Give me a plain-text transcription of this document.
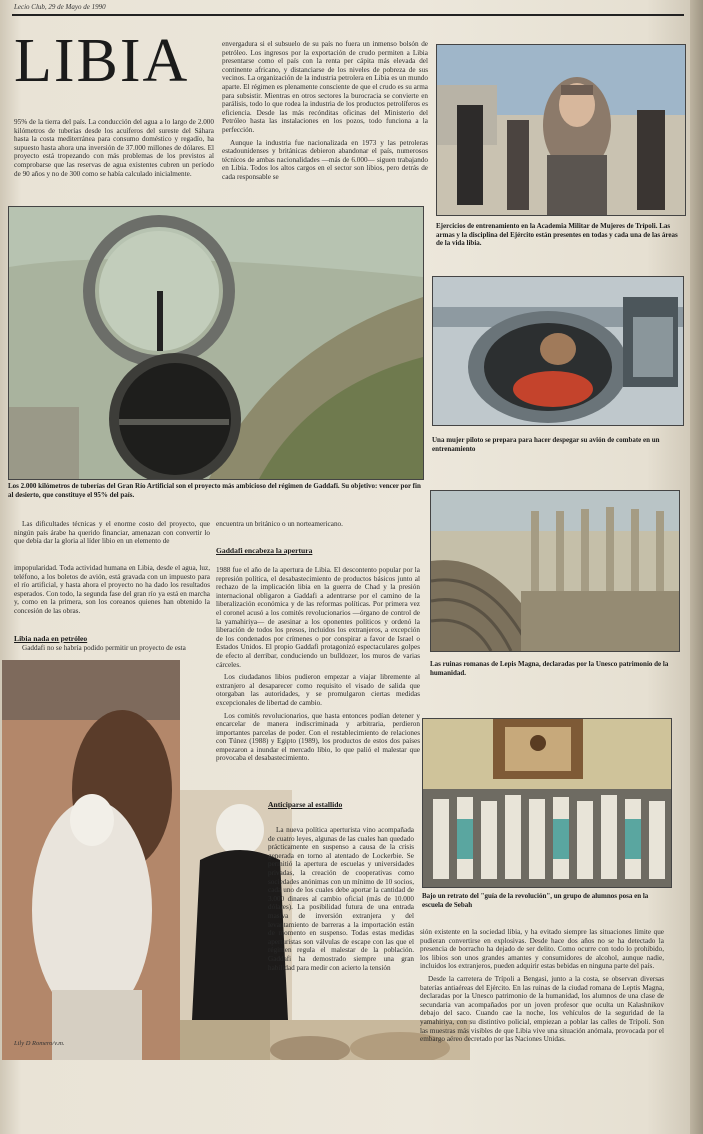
Lecio Club, 29 de Mayo de 1990
LIBIA

95% de la tierra del país. La conducción del agua a lo largo de 2.000 kilómetros de tuberías desde los acuíferos del sureste del Sáhara hasta la costa mediterránea para consumo doméstico y regadío, ha supuesto hasta ahora una inversión de 37.000 millones de dólares. El proyecto está tropezando con más problemas de los previstos al comprobarse que las reservas de agua existentes cubren un período de 90 años y no de 300 como se había calculado inicialmente.

envergadura si el subsuelo de su país no fuera un inmenso bolsón de petróleo. Los ingresos por la exportación de crudo permiten a Libia presentarse como el país con la renta per cápita más elevada del continente africano, y distanciarse de los niveles de pobreza de sus vecinos. La organización de la industria petrolera en Libia es un mundo aparte. El régimen es plenamente consciente de que el crudo es su arma para subsistir. Mientras en otros sectores la burocracia se convierte en parálisis, todo lo que rodea la industria de los productos petrolíferos es eficiencia. Desde las más recónditas oficinas del Ministerio del Petróleo hasta las instalaciones en los pozos, todo funciona a la perfección.

Aunque la industria fue nacionalizada en 1973 y las petroleras estadounidenses y británicas debieron abandonar el país, numerosos técnicos de ambas nacionalidades —más de 6.000— siguen trabajando en Libia. Todos los altos cargos en el sector son libios, pero detrás de cada responsable se

Ejercicios de entrenamiento en la Academia Militar de Mujeres de Trípoli. Las armas y la disciplina del Ejército están presentes en todas y cada una de las áreas de la vida libia.
Los 2.000 kilómetros de tuberías del Gran Río Artificial son el proyecto más ambicioso del régimen de Gaddafi. Su objetivo: vencer por fin al desierto, que constituye el 95% del país.
Una mujer piloto se prepara para hacer despegar su avión de combate en un entrenamiento
Las ruinas romanas de Lepis Magna, declaradas por la Unesco patrimonio de la humanidad.

Las dificultades técnicas y el enorme costo del proyecto, que ningún país árabe ha querido financiar, amenazan con convertir lo que debía dar la gloria al líder libio en un elemento de

impopularidad. Toda actividad humana en Libia, desde el agua, luz, teléfono, a los boletos de avión, está gravada con un impuesto para el río artificial, y hasta ahora el proyecto no ha dado los resultados esperados. Con todo, la segunda fase del gran río ya está en marcha y, como en la primera, son los coreanos quienes han obtenido la concesión de las obras.

Libia nada en petróleo

Gaddafi no se habría podido permitir un proyecto de esta

encuentra un británico o un norteamericano.

Gaddafi encabeza la apertura

1988 fue el año de la apertura de Libia. El descontento popular por la represión política, el desabastecimiento de productos básicos junto al rechazo de la implicación libia en la guerra de Chad y la presión internacional obligaron a Gaddafi a adentrarse por el camino de la liberalización económica y de las reformas políticas. Por primera vez el coronel acusó a los comités revolucionarios —órgano de control de la yamahiriya— de asesinar a los oponentes políticos y ordenó la liberación de todos los presos, incluidos los extranjeros, a excepción de los condenados por crímenes o por conspirar a favor de Israel o Estados Unidos. El propio Gaddafi protagonizó espectaculares golpes de efecto al derribar, conduciendo un bulldozer, los muros de varias cárceles.

Los ciudadanos libios pudieron empezar a viajar libremente al extranjero al desaparecer como requisito el visado de salida que otorgaban las autoridades, y se promulgaron ciertas medidas excepcionales de libertad de cambio.

Los comités revolucionarios, que hasta entonces podían detener y encarcelar de manera indiscriminada y arbitraria, perdieron importantes parcelas de poder. Con el restablecimiento de relaciones con Túnez (1988) y Egipto (1989), los productos de estos dos países empezaron a inundar el mercado libio, lo que palió el malestar que provocaba el desabastecimiento.

Lily D Romero/v.m.
Anticiparse al estallido

La nueva política aperturista vino acompañada de cuatro leyes, algunas de las cuales han quedado prácticamente en suspenso a causa de la crisis generada en torno al atentado de Lockerbie. Se permitió la apertura de escuelas y universidades privadas, la creación de cooperativas como sociedades anónimas con un mínimo de 10 socios, cada uno de los cuales debe aportar la cantidad de 3.000 dinares al cambio oficial (más de 10.000 dólares). La posibilidad futura de una entrada masiva de inversión extranjera y del levantamiento de barreras a la importación están de momento en suspenso. Todas estas medidas aperturistas son válvulas de escape con las que el régimen regula el malestar de la población. Gaddafi ha demostrado siempre una gran habilidad para medir con acierto la tensión

Bajo un retrato del "guía de la revolución", un grupo de alumnos posa en la escuela de Sebah

sión existente en la sociedad libia, y ha evitado siempre las situaciones límite que pudieran convertirse en explosivas. Desde hace dos años no se ha detectado la presencia de borracho ha dejado de ser delito. Como ocurre con todo lo prohibido, los libios son unos grandes amantes y consumidores de alcohol, aunque nadie, incluidos los extranjeros, pueden adquirir estas bebidas en ninguna parte del país.

Desde la carretera de Trípoli a Bengasi, junto a la costa, se observan diversas baterías antiaéreas del Ejército. En las ruinas de la ciudad romana de Leptis Magna, declaradas por la Unesco patrimonio de la humanidad, los alumnos de una clase de secundaria van acompañados por un joven profesor que oculta un Kalashnikov debajo del saco. Cuando cae la noche, los vehículos de la seguridad de la yamahiriya, con su distintivo policial, empiezan a poblar las calles de Trípoli. Son las muestras más visibles de que Libia vive una situación anómala, provocada por el embargo aéreo decretado por las Naciones Unidas.
